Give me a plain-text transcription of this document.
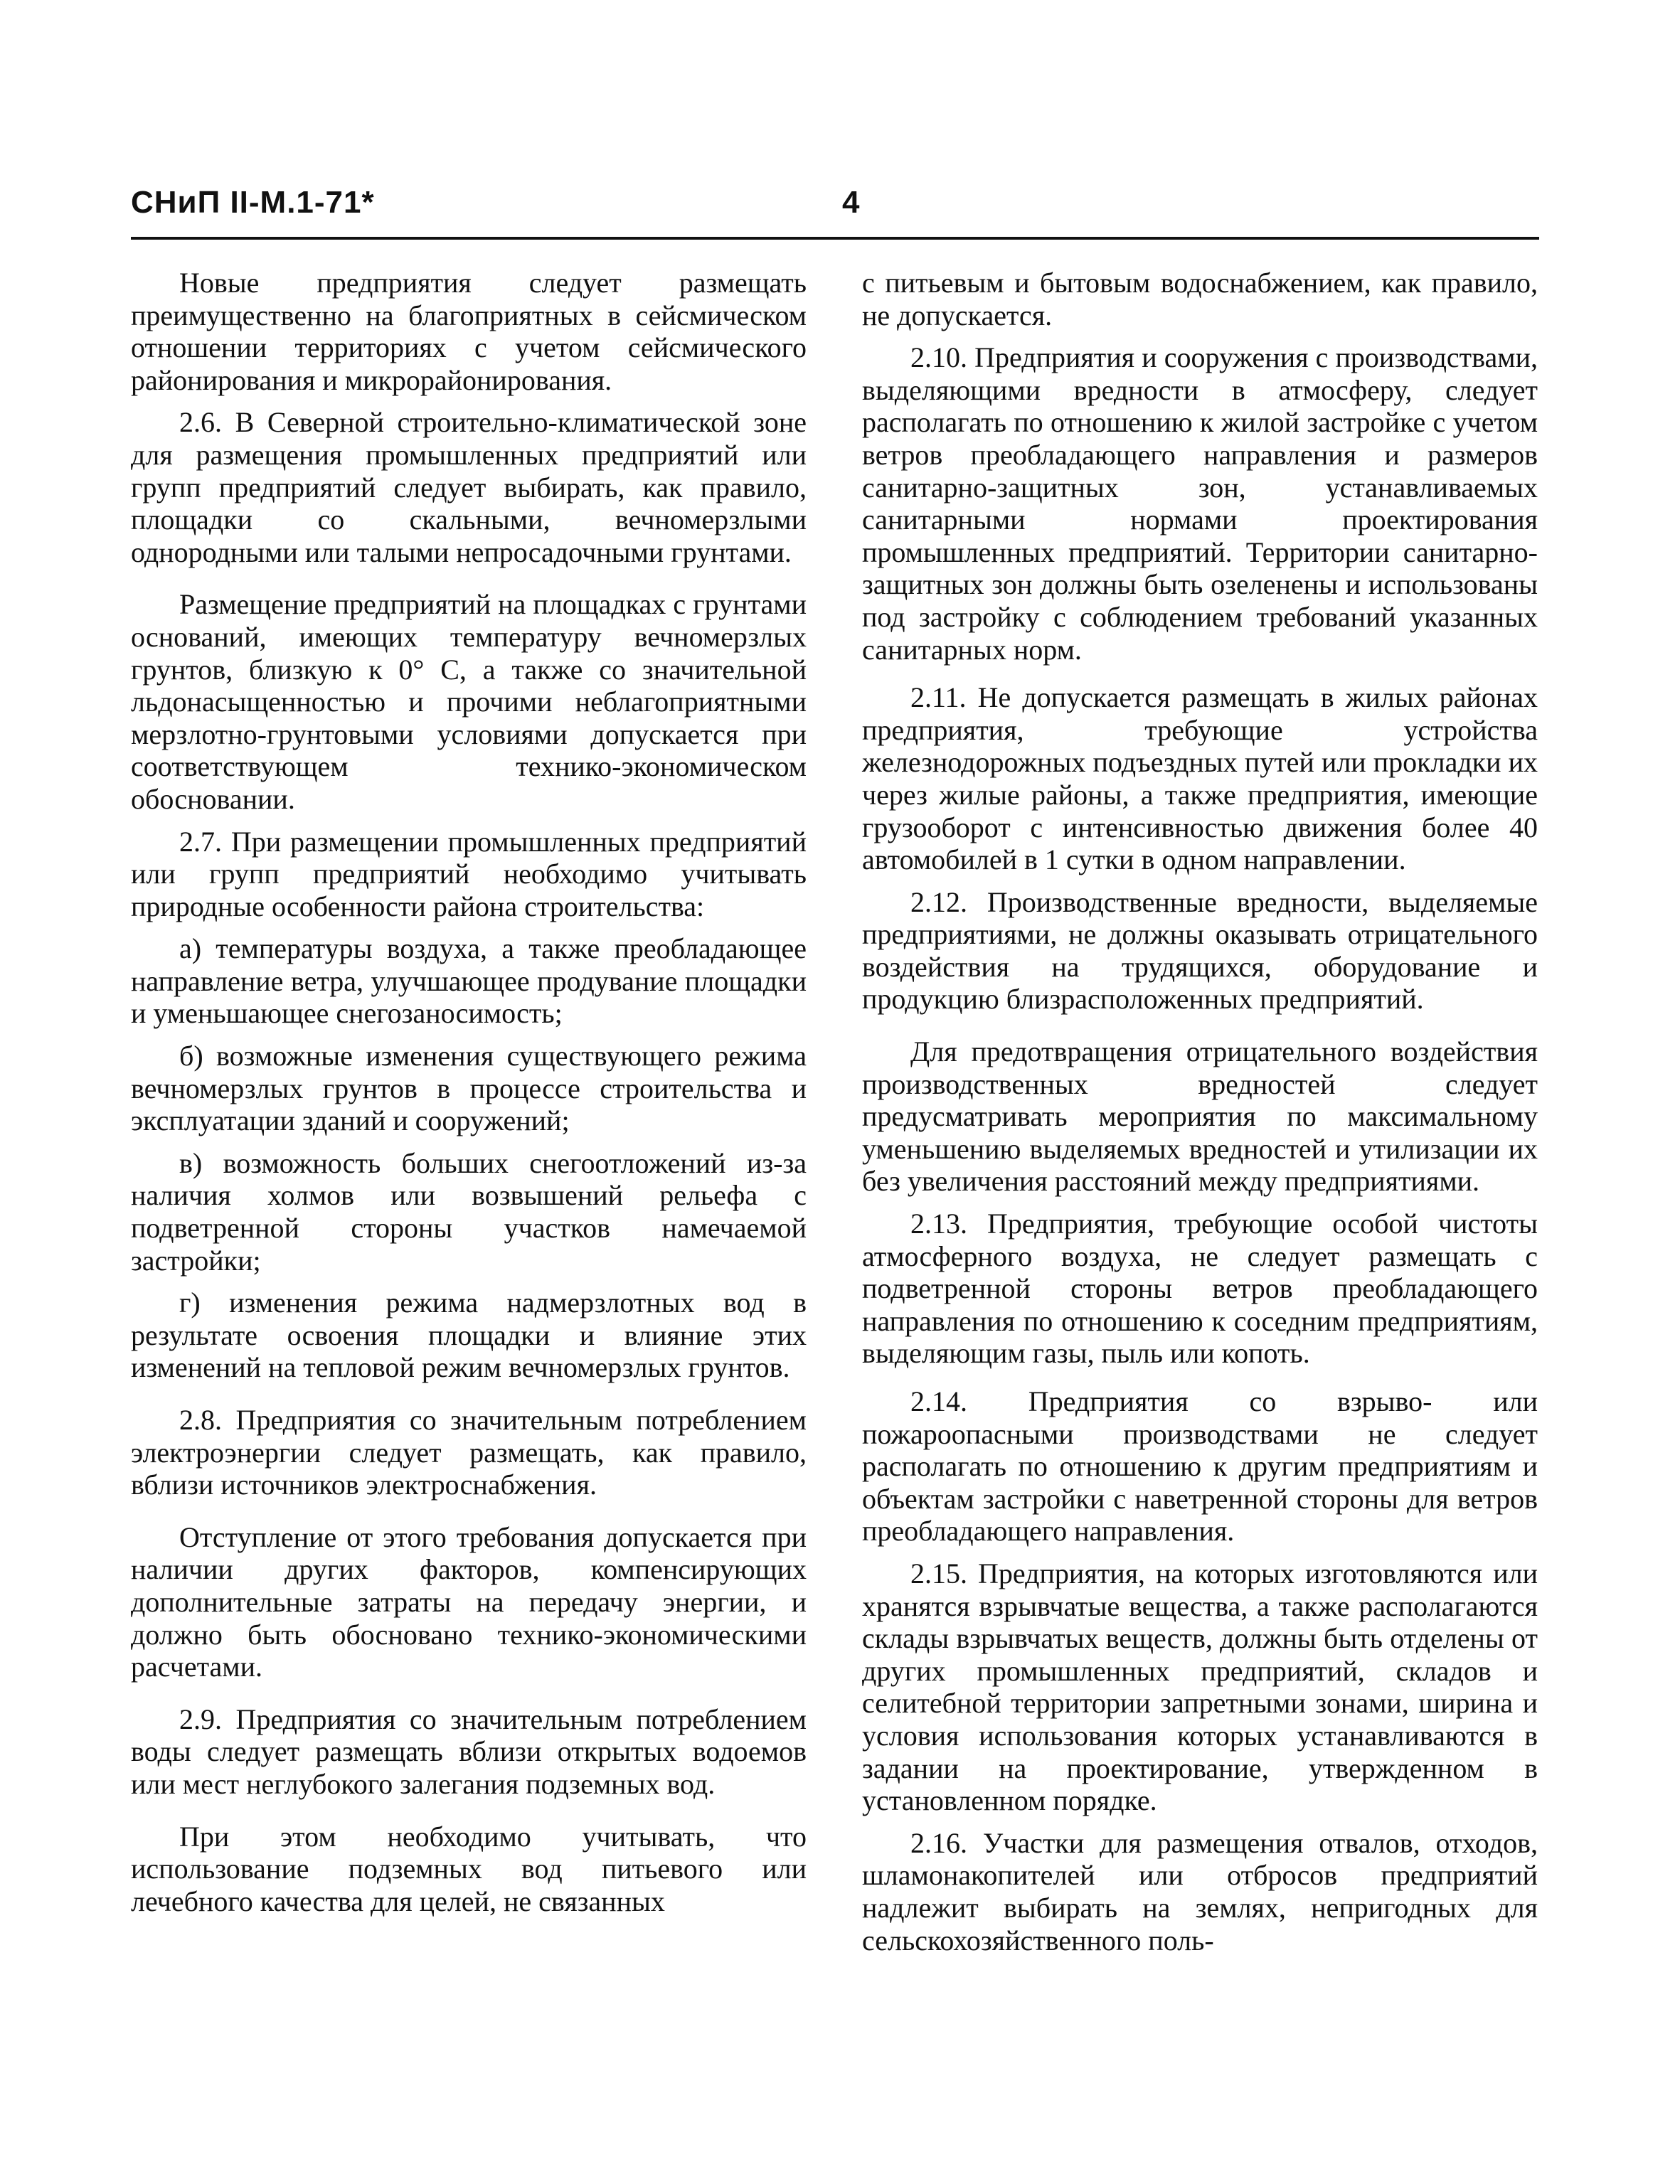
СНиП II-М.1-71*	4

Новые предприятия следует размещать преимущественно на благоприятных в сейсмическом отношении территориях с учетом сейсмического районирования и микрорайонирования.

2.6. В Северной строительно-климатической зоне для размещения промышленных предприятий или групп предприятий следует выбирать, как правило, площадки со скальными, вечномерзлыми однородными или талыми непросадочными грунтами.

Размещение предприятий на площадках с грунтами оснований, имеющих температуру вечномерзлых грунтов, близкую к 0° С, а также со значительной льдонасыщенностью и прочими неблагоприятными мерзлотно-грунтовыми условиями допускается при соответствующем технико-экономическом обосновании.

2.7. При размещении промышленных предприятий или групп предприятий необходимо учитывать природные особенности района строительства:

а) температуры воздуха, а также преобладающее направление ветра, улучшающее продувание площадки и уменьшающее снегозаносимость;

б) возможные изменения существующего режима вечномерзлых грунтов в процессе строительства и эксплуатации зданий и сооружений;

в) возможность больших снегоотложений из-за наличия холмов или возвышений рельефа с подветренной стороны участков намечаемой застройки;

г) изменения режима надмерзлотных вод в результате освоения площадки и влияние этих изменений на тепловой режим вечномерзлых грунтов.

2.8. Предприятия со значительным потреблением электроэнергии следует размещать, как правило, вблизи источников электроснабжения.

Отступление от этого требования допускается при наличии других факторов, компенсирующих дополнительные затраты на передачу энергии, и должно быть обосновано технико-экономическими расчетами.

2.9. Предприятия со значительным потреблением воды следует размещать вблизи открытых водоемов или мест неглубокого залегания подземных вод.

При этом необходимо учитывать, что использование подземных вод питьевого или лечебного качества для целей, не связанных

с питьевым и бытовым водоснабжением, как правило, не допускается.

2.10. Предприятия и сооружения с производствами, выделяющими вредности в атмосферу, следует располагать по отношению к жилой застройке с учетом ветров преобладающего направления и размеров санитарно-защитных зон, устанавливаемых санитарными нормами проектирования промышленных предприятий. Территории санитарно-защитных зон должны быть озеленены и использованы под застройку с соблюдением требований указанных санитарных норм.

2.11. Не допускается размещать в жилых районах предприятия, требующие устройства железнодорожных подъездных путей или прокладки их через жилые районы, а также предприятия, имеющие грузооборот с интенсивностью движения более 40 автомобилей в 1 сутки в одном направлении.

2.12. Производственные вредности, выделяемые предприятиями, не должны оказывать отрицательного воздействия на трудящихся, оборудование и продукцию близрасположенных предприятий.

Для предотвращения отрицательного воздействия производственных вредностей следует предусматривать мероприятия по максимальному уменьшению выделяемых вредностей и утилизации их без увеличения расстояний между предприятиями.

2.13. Предприятия, требующие особой чистоты атмосферного воздуха, не следует размещать с подветренной стороны ветров преобладающего направления по отношению к соседним предприятиям, выделяющим газы, пыль или копоть.

2.14. Предприятия со взрыво- или пожароопасными производствами не следует располагать по отношению к другим предприятиям и объектам застройки с наветренной стороны для ветров преобладающего направления.

2.15. Предприятия, на которых изготовляются или хранятся взрывчатые вещества, а также располагаются склады взрывчатых веществ, должны быть отделены от других промышленных предприятий, складов и селитебной территории запретными зонами, ширина и условия использования которых устанавливаются в задании на проектирование, утвержденном в установленном порядке.

2.16. Участки для размещения отвалов, отходов, шламонакопителей или отбросов предприятий надлежит выбирать на землях, непригодных для сельскохозяйственного поль-
